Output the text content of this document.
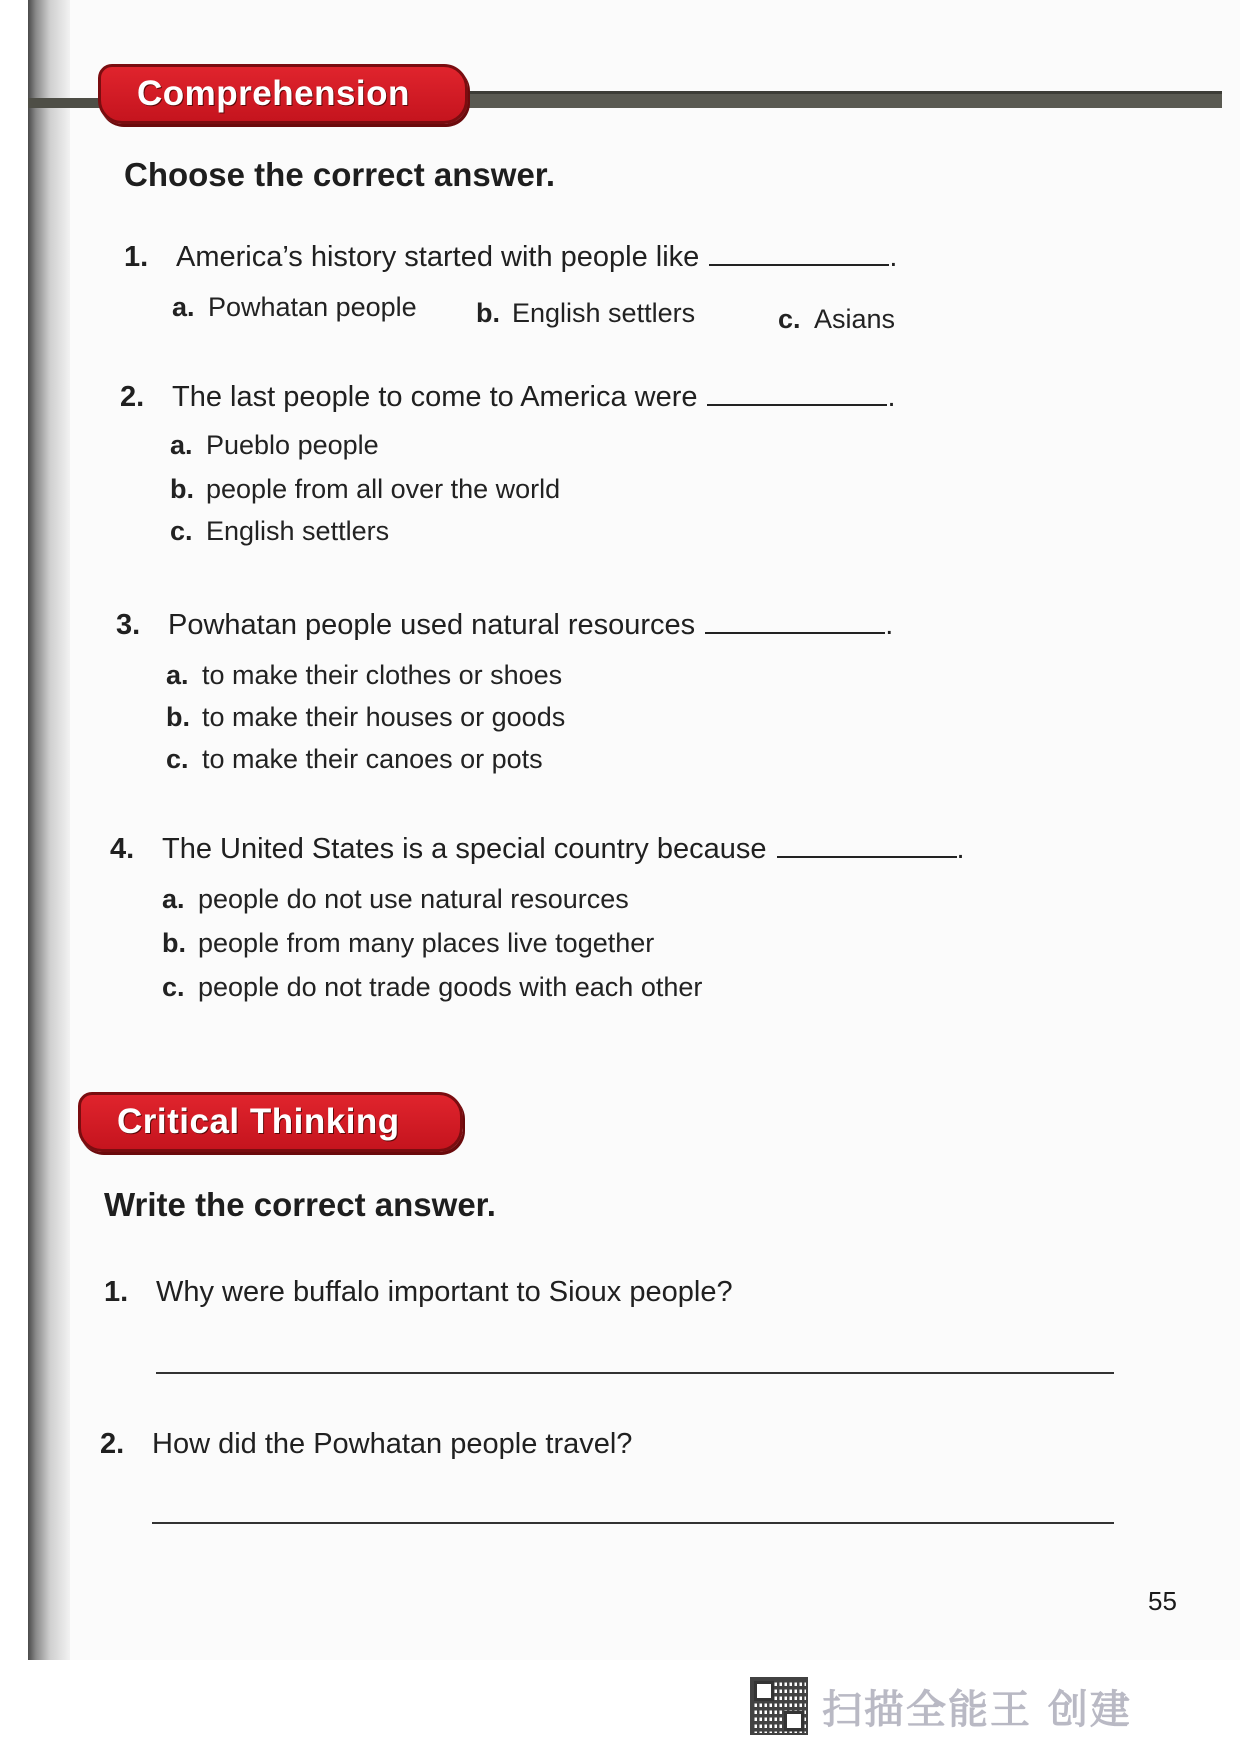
Comprehension
Choose the correct answer.
1. America’s history started with people like	.
a. Powhatan people b. English settlers	c. Asians
2. The last people to come to America were	.
a. Pueblo people
b. people from all over the world
c. English settlers
3. Powhatan people used natural resources	.
a. to make their clothes or shoes
b. to make their houses or goods
c. to make their canoes or pots
4. The United States is a special country because	.
a. people do not use natural resources
b. people from many places live together
c. people do not trade goods with each other
Critical Thinking
Write the correct answer.
1. Why were buffalo important to Sioux people?
2. How did the Powhatan people travel?
55
扫描全能王 创建
